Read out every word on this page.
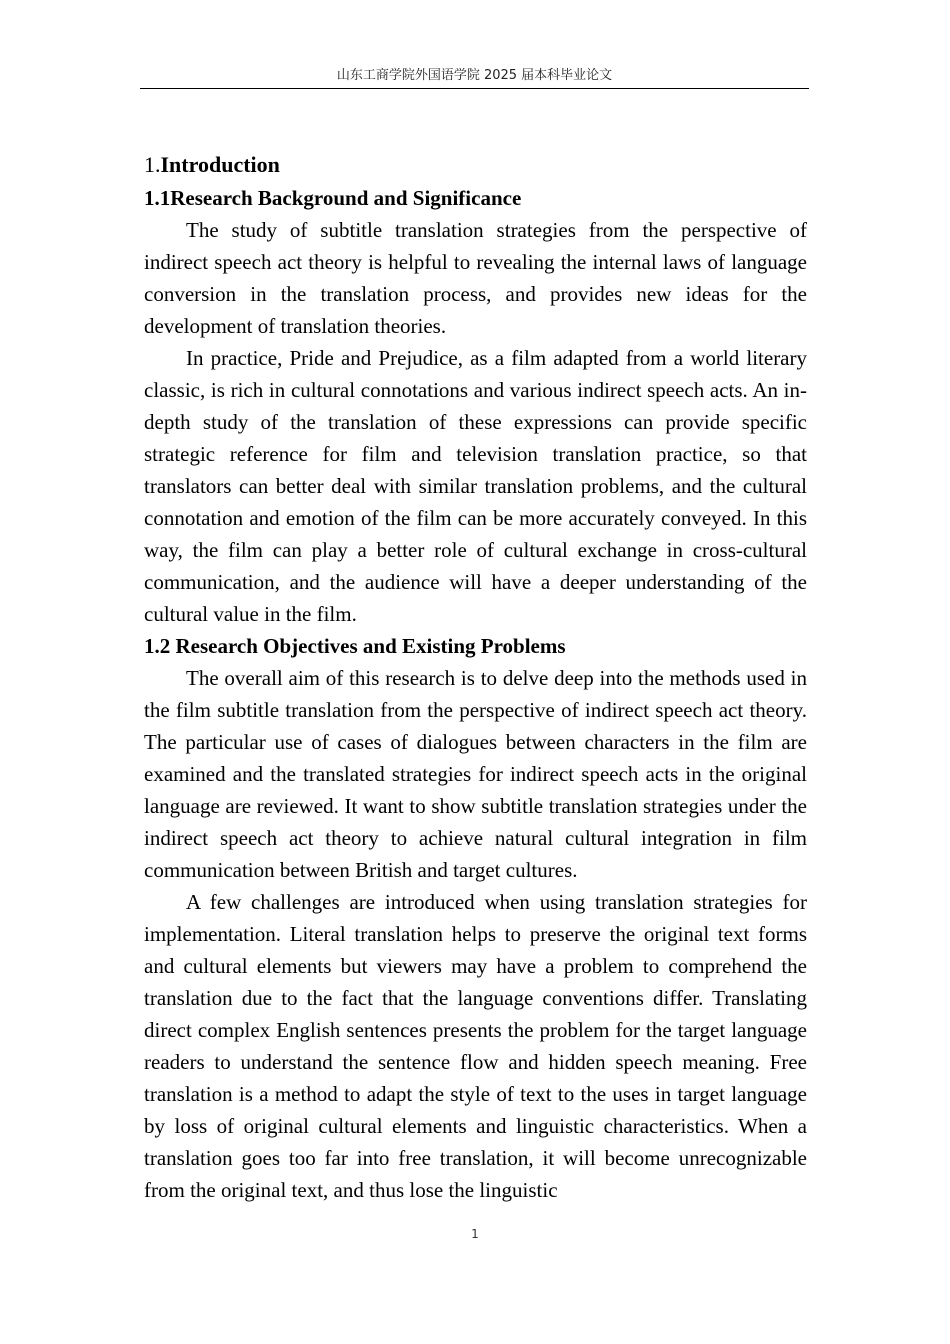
山东工商学院外国语学院 2025 届本科毕业论文
1.Introduction
1.1Research Background and Significance

The study of subtitle translation strategies from the perspective of indirect speech act theory is helpful to revealing the internal laws of language conversion in the translation process, and provides new ideas for the development of translation theories.

In practice, Pride and Prejudice, as a film adapted from a world literary classic, is rich in cultural connotations and various indirect speech acts. An in-depth study of the translation of these expressions can provide specific strategic reference for film and television translation practice, so that translators can better deal with similar translation problems, and the cultural connotation and emotion of the film can be more accurately conveyed. In this way, the film can play a better role of cultural exchange in cross-cultural communication, and the audience will have a deeper understanding of the cultural value in the film.

1.2 Research Objectives and Existing Problems

The overall aim of this research is to delve deep into the methods used in the film subtitle translation from the perspective of indirect speech act theory. The particular use of cases of dialogues between characters in the film are examined and the translated strategies for indirect speech acts in the original language are reviewed. It want to show subtitle translation strategies under the indirect speech act theory to achieve natural cultural integration in film communication between British and target cultures.

A few challenges are introduced when using translation strategies for implementation. Literal translation helps to preserve the original text forms and cultural elements but viewers may have a problem to comprehend the translation due to the fact that the language conventions differ. Translating direct complex English sentences presents the problem for the target language readers to understand the sentence flow and hidden speech meaning. Free translation is a method to adapt the style of text to the uses in target language by loss of original cultural elements and linguistic characteristics. When a translation goes too far into free translation, it will become unrecognizable from the original text, and thus lose the linguistic

1
